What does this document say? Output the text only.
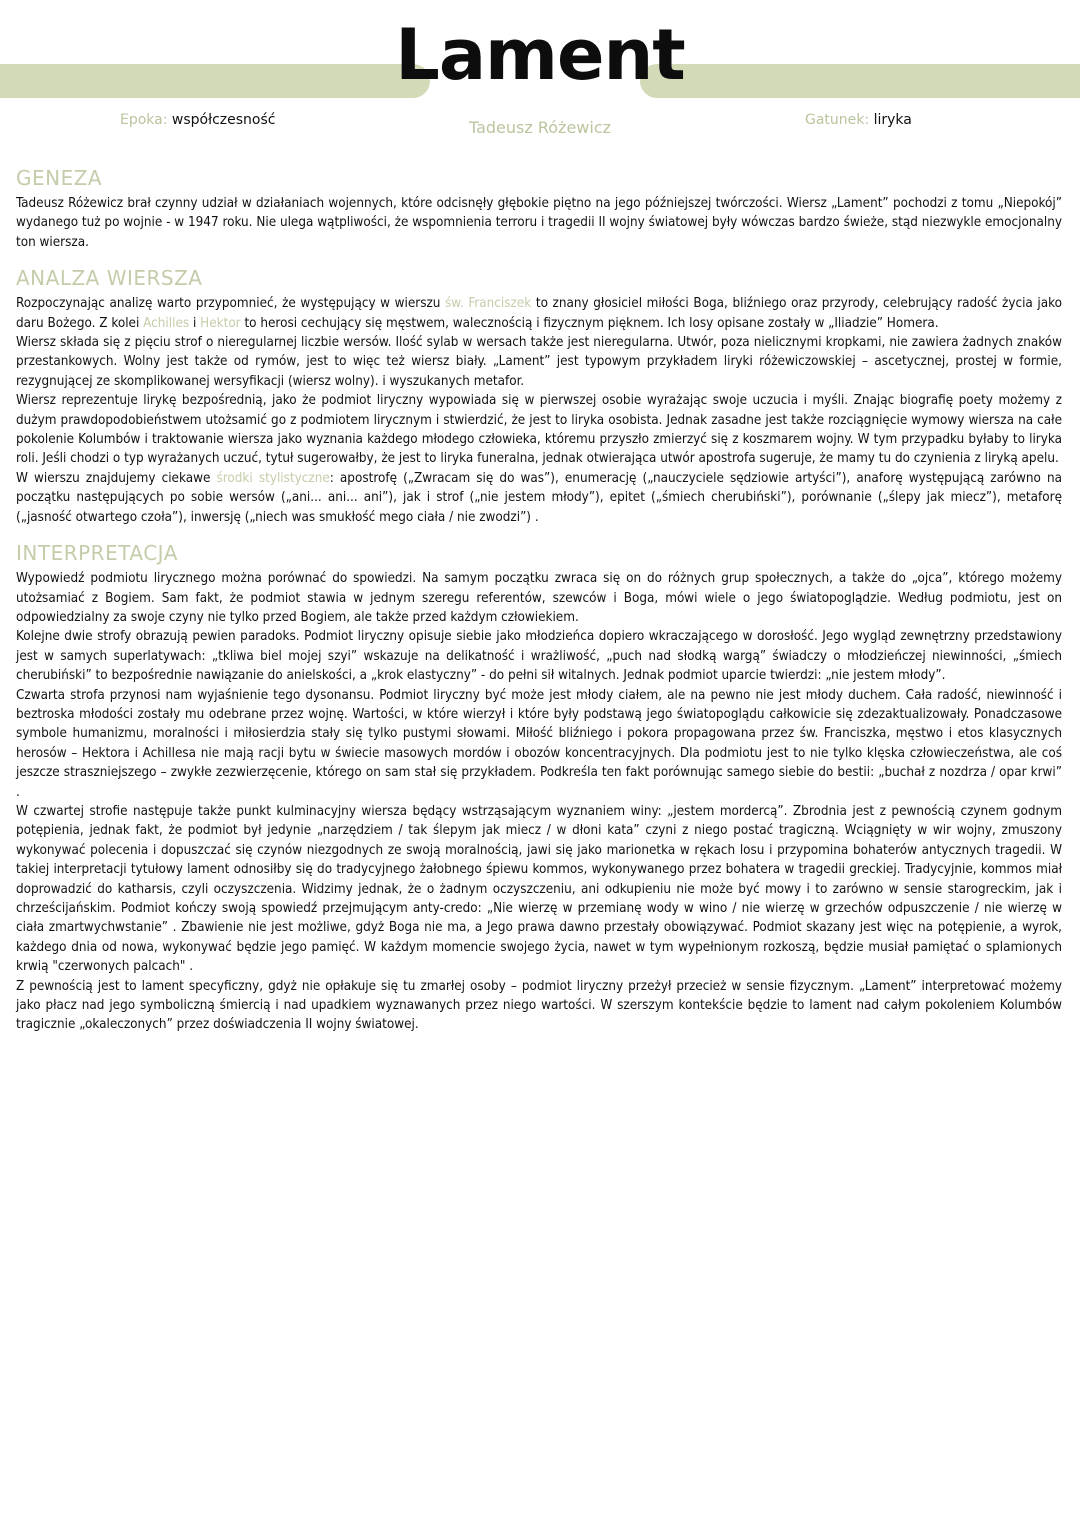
Lament
Epoka: współczesność	Tadeusz Różewicz	Gatunek: liryka
GENEZA

Tadeusz Różewicz brał czynny udział w działaniach wojennych, które odcisnęły głębokie piętno na jego późniejszej twórczości. Wiersz „Lament” pochodzi z tomu „Niepokój” wydanego tuż po wojnie - w 1947 roku. Nie ulega wątpliwości, że wspomnienia terroru i tragedii II wojny światowej były wówczas bardzo świeże, stąd niezwykle emocjonalny ton wiersza.

ANALZA WIERSZA

Rozpoczynając analizę warto przypomnieć, że występujący w wierszu św. Franciszek to znany głosiciel miłości Boga, bliźniego oraz przyrody, celebrujący radość życia jako daru Bożego. Z kolei Achilles i Hektor to herosi cechujący się męstwem, walecznością i fizycznym pięknem. Ich losy opisane zostały w „Iliadzie” Homera.

Wiersz składa się z pięciu strof o nieregularnej liczbie wersów. Ilość sylab w wersach także jest nieregularna. Utwór, poza nielicznymi kropkami, nie zawiera żadnych znaków przestankowych. Wolny jest także od rymów, jest to więc też wiersz biały. „Lament” jest typowym przykładem liryki różewiczowskiej – ascetycznej, prostej w formie, rezygnującej ze skomplikowanej wersyfikacji (wiersz wolny). i wyszukanych metafor.

Wiersz reprezentuje lirykę bezpośrednią, jako że podmiot liryczny wypowiada się w pierwszej osobie wyrażając swoje uczucia i myśli. Znając biografię poety możemy z dużym prawdopodobieństwem utożsamić go z podmiotem lirycznym i stwierdzić, że jest to liryka osobista. Jednak zasadne jest także rozciągnięcie wymowy wiersza na całe pokolenie Kolumbów i traktowanie wiersza jako wyznania każdego młodego człowieka, któremu przyszło zmierzyć się z koszmarem wojny. W tym przypadku byłaby to liryka roli. Jeśli chodzi o typ wyrażanych uczuć, tytuł sugerowałby, że jest to liryka funeralna, jednak otwierająca utwór apostrofa sugeruje, że mamy tu do czynienia z liryką apelu.

W wierszu znajdujemy ciekawe środki stylistyczne: apostrofę („Zwracam się do was”), enumerację („nauczyciele sędziowie artyści”), anaforę występującą zarówno na początku następujących po sobie wersów („ani... ani... ani”), jak i strof („nie jestem młody”), epitet („śmiech cherubiński”), porównanie („ślepy jak miecz”), metaforę („jasność otwartego czoła”), inwersję („niech was smukłość mego ciała / nie zwodzi”) .

INTERPRETACJA

Wypowiedź podmiotu lirycznego można porównać do spowiedzi. Na samym początku zwraca się on do różnych grup społecznych, a także do „ojca”, którego możemy utożsamiać z Bogiem. Sam fakt, że podmiot stawia w jednym szeregu referentów, szewców i Boga, mówi wiele o jego światopoglądzie. Według podmiotu, jest on odpowiedzialny za swoje czyny nie tylko przed Bogiem, ale także przed każdym człowiekiem.

Kolejne dwie strofy obrazują pewien paradoks. Podmiot liryczny opisuje siebie jako młodzieńca dopiero wkraczającego w dorosłość. Jego wygląd zewnętrzny przedstawiony jest w samych superlatywach: „tkliwa biel mojej szyi” wskazuje na delikatność i wrażliwość, „puch nad słodką wargą” świadczy o młodzieńczej niewinności, „śmiech cherubiński” to bezpośrednie nawiązanie do anielskości, a „krok elastyczny” - do pełni sił witalnych. Jednak podmiot uparcie twierdzi: „nie jestem młody”.

Czwarta strofa przynosi nam wyjaśnienie tego dysonansu. Podmiot liryczny być może jest młody ciałem, ale na pewno nie jest młody duchem. Cała radość, niewinność i beztroska młodości zostały mu odebrane przez wojnę. Wartości, w które wierzył i które były podstawą jego światopoglądu całkowicie się zdezaktualizowały. Ponadczasowe symbole humanizmu, moralności i miłosierdzia stały się tylko pustymi słowami. Miłość bliźniego i pokora propagowana przez św. Franciszka, męstwo i etos klasycznych herosów – Hektora i Achillesa nie mają racji bytu w świecie masowych mordów i obozów koncentracyjnych. Dla podmiotu jest to nie tylko klęska człowieczeństwa, ale coś jeszcze straszniejszego – zwykłe zezwierzęcenie, którego on sam stał się przykładem. Podkreśla ten fakt porównując samego siebie do bestii: „buchał z nozdrza / opar krwi” .

W czwartej strofie następuje także punkt kulminacyjny wiersza będący wstrząsającym wyznaniem winy: „jestem mordercą”. Zbrodnia jest z pewnością czynem godnym potępienia, jednak fakt, że podmiot był jedynie „narzędziem / tak ślepym jak miecz / w dłoni kata” czyni z niego postać tragiczną. Wciągnięty w wir wojny, zmuszony wykonywać polecenia i dopuszczać się czynów niezgodnych ze swoją moralnością, jawi się jako marionetka w rękach losu i przypomina bohaterów antycznych tragedii. W takiej interpretacji tytułowy lament odnosiłby się do tradycyjnego żałobnego śpiewu kommos, wykonywanego przez bohatera w tragedii greckiej. Tradycyjnie, kommos miał doprowadzić do katharsis, czyli oczyszczenia. Widzimy jednak, że o żadnym oczyszczeniu, ani odkupieniu nie może być mowy i to zarówno w sensie starogreckim, jak i chrześcijańskim. Podmiot kończy swoją spowiedź przejmującym anty-credo: „Nie wierzę w przemianę wody w wino / nie wierzę w grzechów odpuszczenie / nie wierzę w ciała zmartwychwstanie” . Zbawienie nie jest możliwe, gdyż Boga nie ma, a Jego prawa dawno przestały obowiązywać. Podmiot skazany jest więc na potępienie, a wyrok, każdego dnia od nowa, wykonywać będzie jego pamięć. W każdym momencie swojego życia, nawet w tym wypełnionym rozkoszą, będzie musiał pamiętać o splamionych krwią "czerwonych palcach" .

Z pewnością jest to lament specyficzny, gdyż nie opłakuje się tu zmarłej osoby – podmiot liryczny przeżył przecież w sensie fizycznym. „Lament” interpretować możemy jako płacz nad jego symboliczną śmiercią i nad upadkiem wyznawanych przez niego wartości. W szerszym kontekście będzie to lament nad całym pokoleniem Kolumbów tragicznie „okaleczonych” przez doświadczenia II wojny światowej.
